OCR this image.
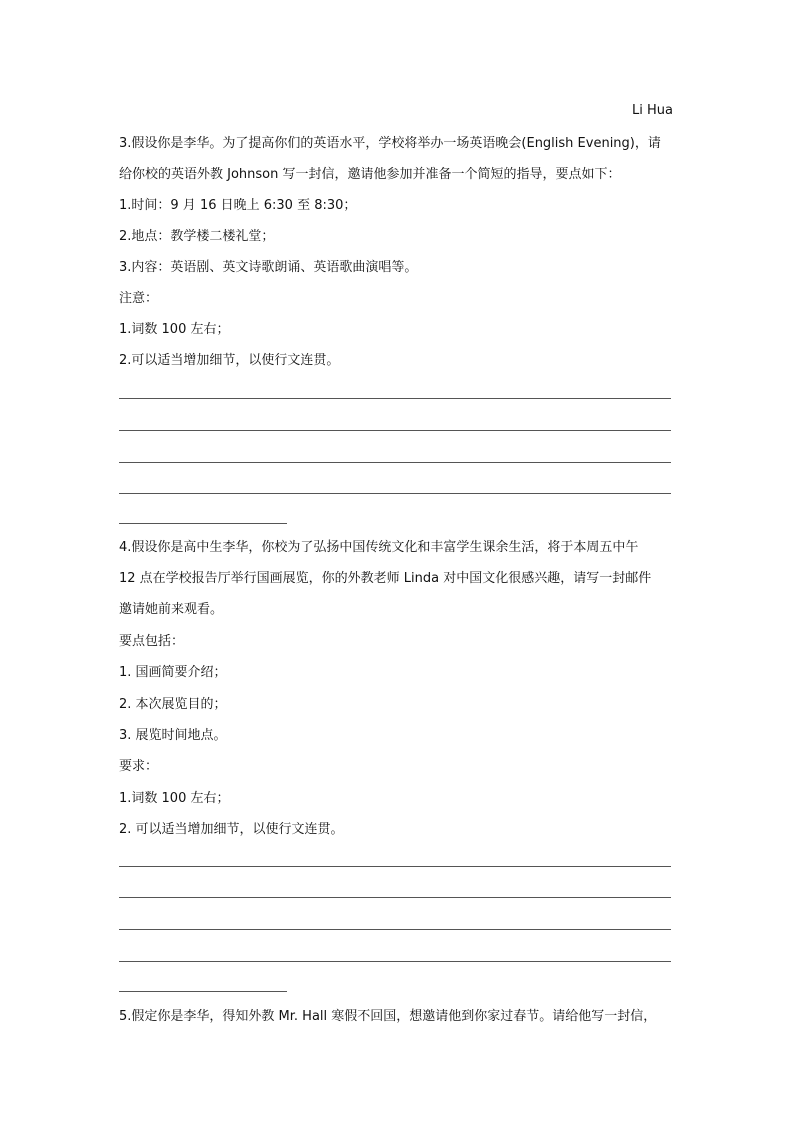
Li Hua
3.假设你是李华。为了提高你们的英语水平，学校将举办一场英语晚会(English Evening)，请
给你校的英语外教 Johnson 写一封信，邀请他参加并准备一个简短的指导，要点如下：
1.时间：9 月 16 日晚上 6:30 至 8:30；
2.地点：教学楼二楼礼堂；
3.内容：英语剧、英文诗歌朗诵、英语歌曲演唱等。
注意：
1.词数 100 左右；
2.可以适当增加细节，以使行文连贯。
4.假设你是高中生李华，你校为了弘扬中国传统文化和丰富学生课余生活，将于本周五中午
12 点在学校报告厅举行国画展览，你的外教老师 Linda 对中国文化很感兴趣，请写一封邮件
邀请她前来观看。
要点包括：
1. 国画简要介绍；
2. 本次展览目的；
3. 展览时间地点。
要求：
1.词数 100 左右；
2. 可以适当增加细节，以使行文连贯。
5.假定你是李华，得知外教 Mr. Hall 寒假不回国，想邀请他到你家过春节。请给他写一封信，
